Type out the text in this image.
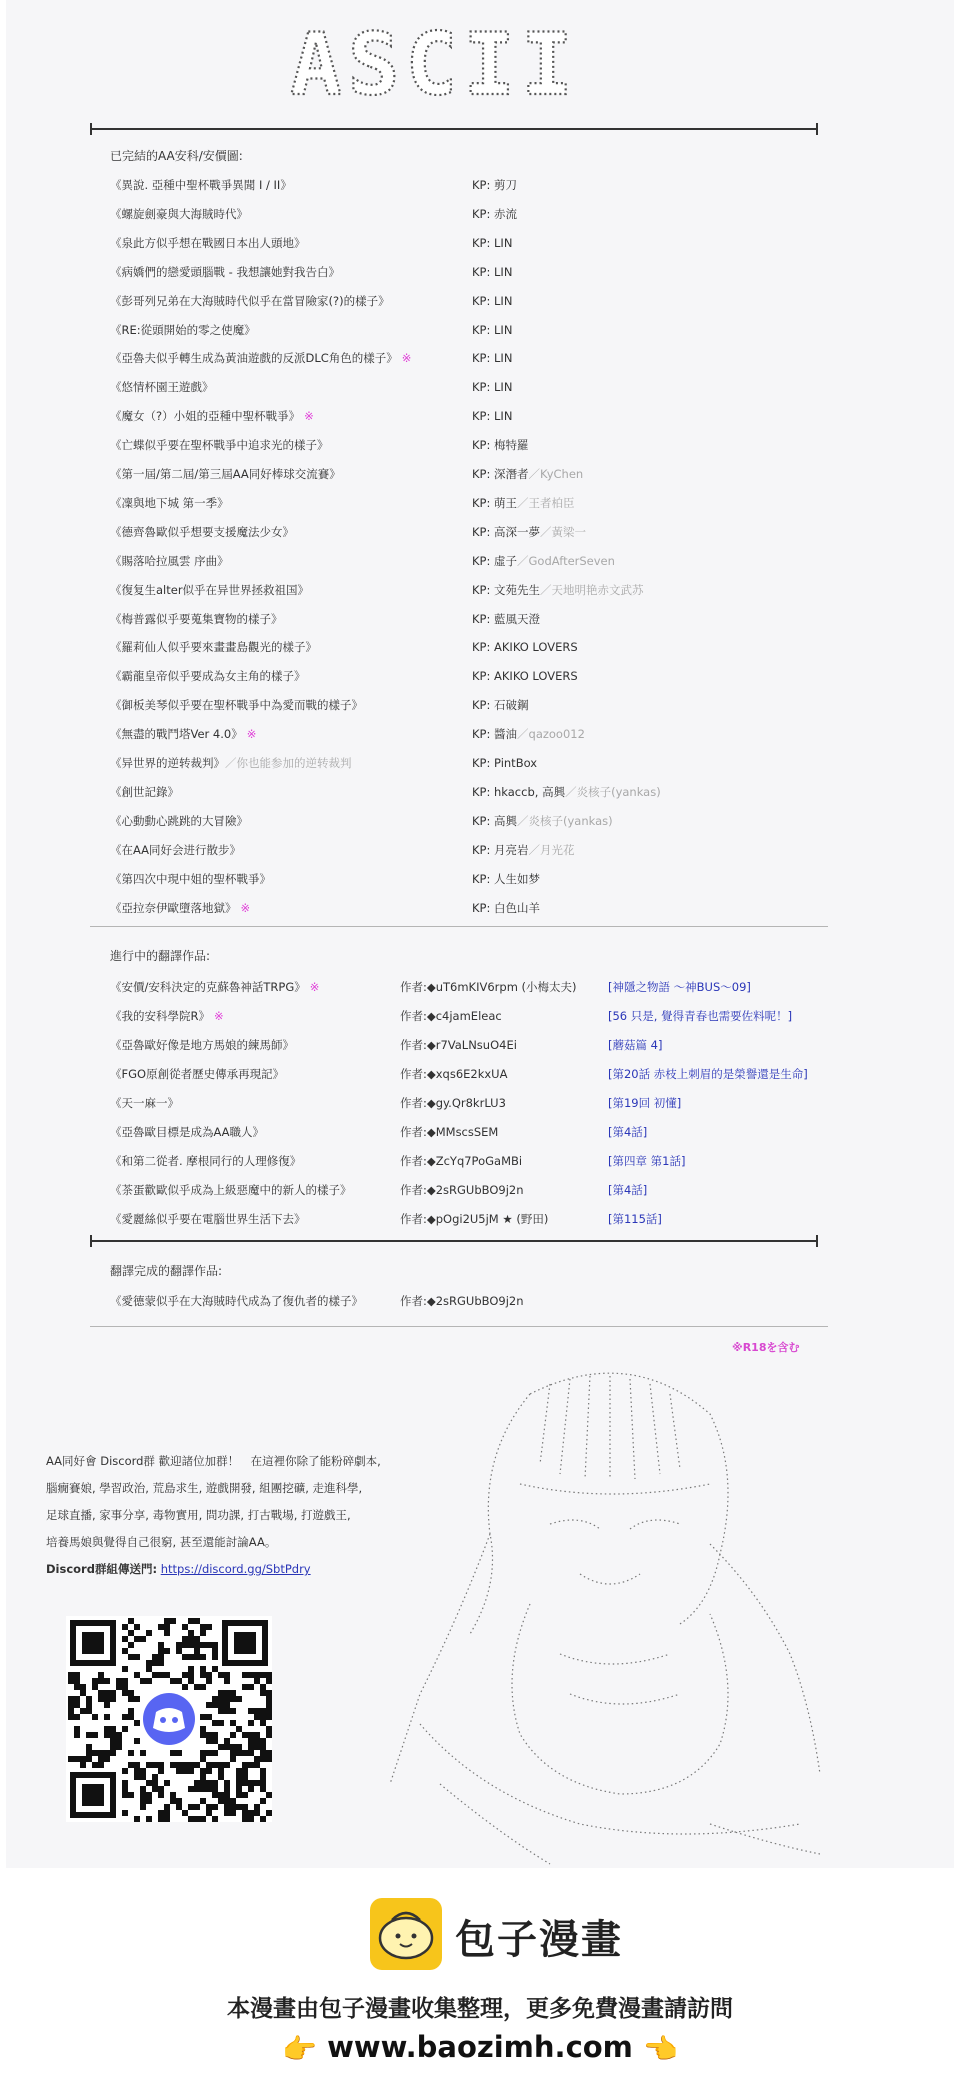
ASCII
已完結的AA安科/安價圖:
《異說. 亞種中聖杯戰爭異聞 I / II》	KP: 剪刀
《螺旋劍豪與大海賊時代》	KP: 赤流
《泉此方似乎想在戰國日本出人頭地》	KP: LIN
《病嬌們的戀愛頭腦戰 - 我想讓她對我告白》	KP: LIN
《彭哥列兄弟在大海賊時代似乎在當冒險家(?)的樣子》	KP: LIN
《RE:從頭開始的零之使魔》	KP: LIN
《亞魯夫似乎轉生成為黃油遊戲的反派DLC角色的樣子》 ※	KP: LIN
《悠情杯園王遊戲》	KP: LIN
《魔女（?）小姐的亞種中聖杯戰爭》 ※	KP: LIN
《亡蝶似乎要在聖杯戰爭中追求光的樣子》	KP: 梅特羅
《第一屆/第二屆/第三屆AA同好棒球交流賽》	KP: 深潛者／KyChen
《凜與地下城 第一季》	KP: 萌王／王者柏臣
《德齊魯歐似乎想要支援魔法少女》	KP: 高深一夢／黃梁一
《賜落哈拉風雲 序曲》	KP: 虛子／GodAfterSeven
《復复生alter似乎在异世界拯救祖国》	KP: 文苑先生／天地明艳赤文武苏
《梅普露似乎要蒐集寶物的樣子》	KP: 藍風天澄
《羅莉仙人似乎要來畫畫島觀光的樣子》	KP: AKIKO LOVERS
《霸龍皇帝似乎要成為女主角的樣子》	KP: AKIKO LOVERS
《御板美琴似乎要在聖杯戰爭中為愛而戰的樣子》	KP: 石破鋼
《無盡的戰鬥塔Ver 4.0》 ※	KP: 醬油／qazoo012
《异世界的逆转裁判》／你也能参加的逆转裁判	KP: PintBox
《創世記錄》	KP: hkaccb, 高興／炎核子(yankas)
《心動動心跳跳的大冒險》	KP: 高興／炎核子(yankas)
《在AA同好会进行散步》	KP: 月亮岩／月光花
《第四次中現中姐的聖杯戰爭》	KP: 人生如梦
《亞拉奈伊歐墮落地獄》 ※	KP: 白色山羊
進行中的翻譯作品:
《安價/安科決定的克蘇魯神話TRPG》 ※	作者:◆uT6mKIV6rpm (小梅太夫)	[神隱之物語 ～神BUS～09]
《我的安科學院R》 ※	作者:◆c4jamEleac	[56 只是, 覺得青春也需要佐料呢！]
《亞魯歐好像是地方馬娘的練馬師》	作者:◆r7VaLNsuO4Ei	[蘑菇篇 4]
《FGO原創從者歷史傳承再現記》	作者:◆xqs6E2kxUA	[第20話 赤枝上刺眉的是榮譽還是生命]
《天一麻一》	作者:◆gy.Qr8krLU3	[第19回 初懂]
《亞魯歐目標是成為AA職人》	作者:◆MMscsSEM	[第4話]
《和第二從者. 摩根同行的人理修復》	作者:◆ZcYq7PoGaMBi	[第四章 第1話]
《茶蛋歡歐似乎成為上級惡魔中的新人的樣子》	作者:◆2sRGUbBO9j2n	[第4話]
《愛麗絲似乎要在電腦世界生活下去》	作者:◆pOgi2U5jM ★ (野田)	[第115話]
翻譯完成的翻譯作品:
《愛德蒙似乎在大海賊時代成為了復仇者的樣子》	作者:◆2sRGUbBO9j2n
※R18を含む
AA同好會 Discord群 歡迎諸位加群！　在這裡你除了能粉碎劇本,
腦癇賽娘, 學習政治, 荒島求生, 遊戲開發, 組團挖礦, 走進科學,
足球直播, 家事分享, 毒物實用, 問功課, 打古戰場, 打遊戲王,
培養馬娘與覺得自己很窮, 甚至還能討論AA。
Discord群組傳送門: https://discord.gg/SbtPdry
包子漫畫
本漫畫由包子漫畫收集整理，更多免費漫畫請訪問
👉 www.baozimh.com 👈
